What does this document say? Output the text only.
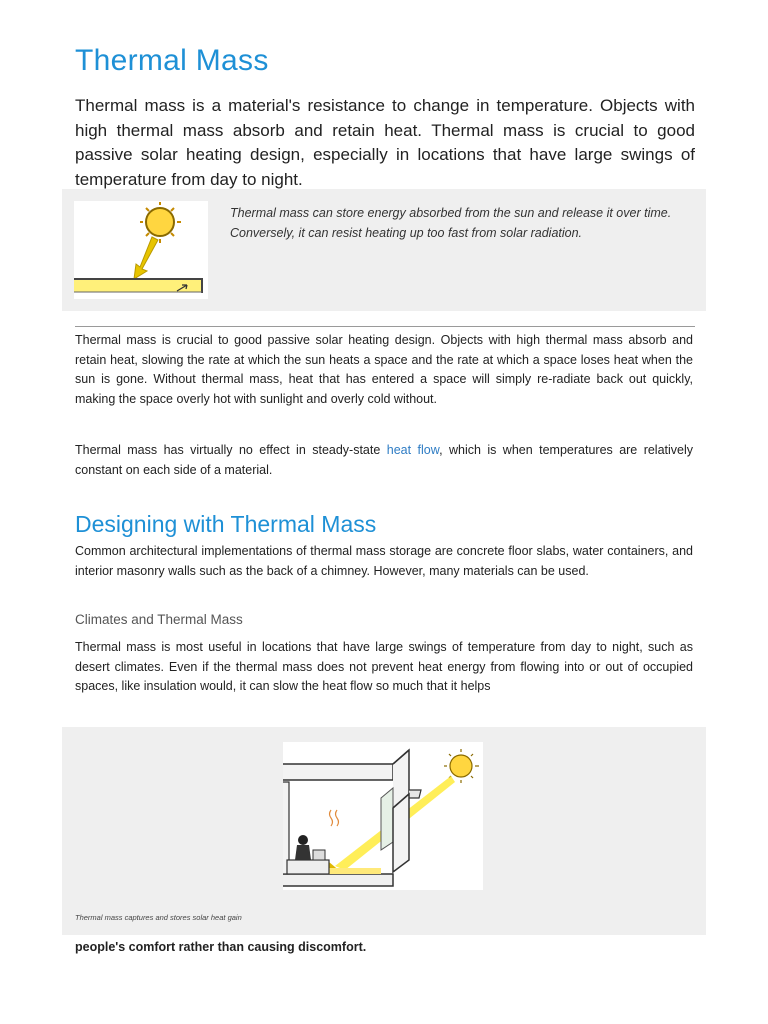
Thermal Mass

Thermal mass is a material's resistance to change in temperature. Objects with high thermal mass absorb and retain heat. Thermal mass is crucial to good passive solar heating design, especially in locations that have large swings of temperature from day to night.

Thermal mass can store energy absorbed from the sun and release it over time. Conversely, it can resist heating up too fast from solar radiation.

Thermal mass is crucial to good passive solar heating design. Objects with high thermal mass absorb and retain heat, slowing the rate at which the sun heats a space and the rate at which a space loses heat when the sun is gone. Without thermal mass, heat that has entered a space will simply re-radiate back out quickly, making the space overly hot with sunlight and overly cold without.

Thermal mass has virtually no effect in steady-state heat flow, which is when temperatures are relatively constant on each side of a material.

Designing with Thermal Mass

Common architectural implementations of thermal mass storage are concrete floor slabs, water containers, and interior masonry walls such as the back of a chimney. However, many materials can be used.

Climates and Thermal Mass

Thermal mass is most useful in locations that have large swings of temperature from day to night, such as desert climates. Even if the thermal mass does not prevent heat energy from flowing into or out of occupied spaces, like insulation would, it can slow the heat flow so much that it helps

Thermal mass captures and stores solar heat gain

people's comfort rather than causing discomfort.
